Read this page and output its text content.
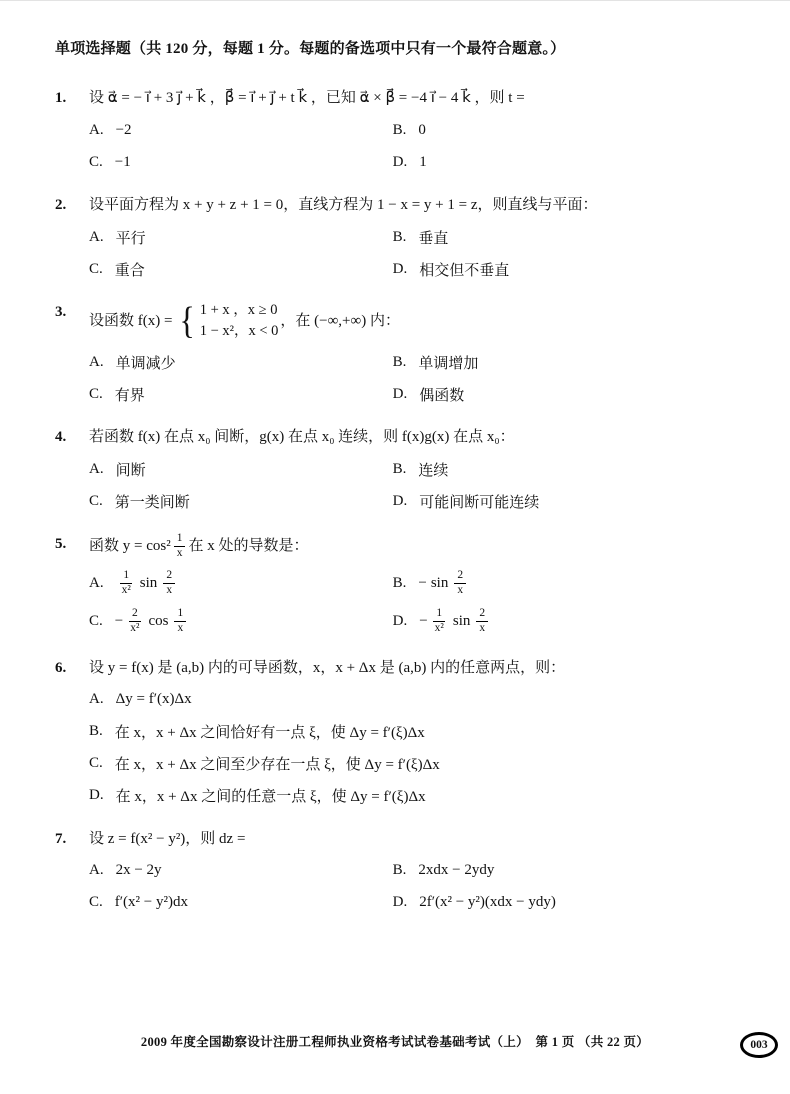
单项选择题（共 120 分，每题 1 分。每题的备选项中只有一个最符合题意。）
1.	设 α⃗ = − i⃗ + 3 j⃗ + k⃗ ，β⃗ = i⃗ + j⃗ + t k⃗ ，已知 α⃗ × β⃗ = −4 i⃗ − 4 k⃗ ，则 t =
A. −2	B. 0
C. −1	D. 1
2.	设平面方程为 x + y + z + 1 = 0，直线方程为 1 − x = y + 1 = z，则直线与平面：
A. 平行	B. 垂直
C. 重合	D. 相交但不垂直
3.
设函数 f(x) = { 1 + x ，x ≥ 0
1 − x²，x < 0
，在 (−∞,+∞) 内：
A. 单调减少	B. 单调增加
C. 有界	D. 偶函数
4.	若函数 f(x) 在点 x₀ 间断，g(x) 在点 x₀ 连续，则 f(x)g(x) 在点 x₀：
A. 间断	B. 连续
C. 第一类间断	D. 可能间断可能连续
5.	函数 $y = \cos^2 \frac{1}{x}$ 在 x 处的导数是：
A. $\frac{1}{\text{x²}}$ $\sin \frac{2}{x}$	B. − $\sin \frac{2}{x}$
C. − $\frac{2}{\text{x²}}$ $\cos \frac{1}{x}$	D. − $\frac{1}{\text{x²}}$ $\sin \frac{2}{x}$
6.	设 y = f(x) 是 (a,b) 内的可导函数，x，x + Δx 是 (a,b) 内的任意两点，则：
A. Δy = f′(x)Δx
B. 在 x，x + Δx 之间恰好有一点 ξ，使 Δy = f′(ξ)Δx
C. 在 x，x + Δx 之间至少存在一点 ξ，使 Δy = f′(ξ)Δx
D. 在 x，x + Δx 之间的任意一点 ξ，使 Δy = f′(ξ)Δx
7.	设 z = f(x² − y²)，则 dz =
A. 2x − 2y	B. 2xdx − 2ydy
C. f′(x² − y²)dx	D. 2f′(x² − y²)(xdx − ydy)
2009 年度全国勘察设计注册工程师执业资格考试试卷基础考试（上）　第 1 页 （共 22 页）	003
